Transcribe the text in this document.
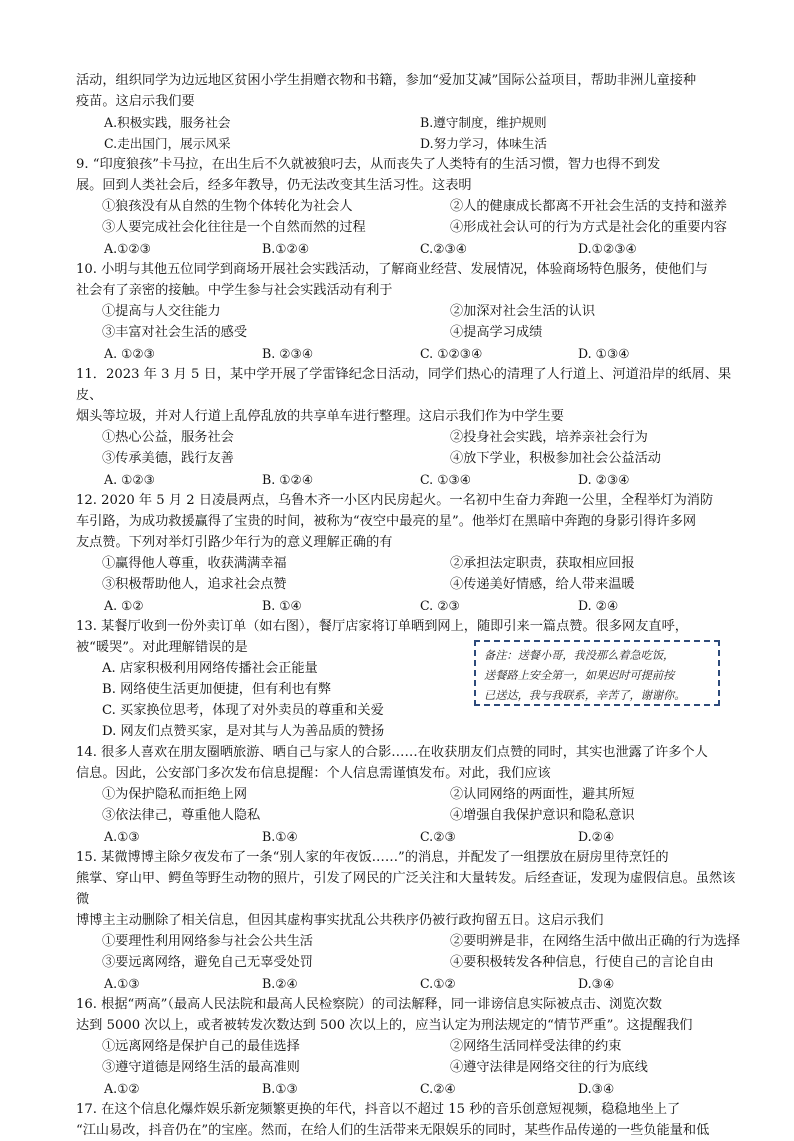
活动，组织同学为边远地区贫困小学生捐赠衣物和书籍，参加“爱加艾减”国际公益项目，帮助非洲儿童接种

疫苗。这启示我们要

A.积极实践，服务社会	B.遵守制度，维护规则
C.走出国门，展示风采	D.努力学习，体味生活

9. “印度狼孩”卡马拉，在出生后不久就被狼叼去，从而丧失了人类特有的生活习惯，智力也得不到发

展。回到人类社会后，经多年教导，仍无法改变其生活习性。这表明

①狼孩没有从自然的生物个体转化为社会人	②人的健康成长都离不开社会生活的支持和滋养
③人要完成社会化往往是一个自然而然的过程	④形成社会认可的行为方式是社会化的重要内容
A.①②③	B.①②④	C.②③④	D.①②③④

10. 小明与其他五位同学到商场开展社会实践活动，了解商业经营、发展情况，体验商场特色服务，使他们与

社会有了亲密的接触。中学生参与社会实践活动有利于

①提高与人交往能力	②加深对社会生活的认识
③丰富对社会生活的感受	④提高学习成绩
A. ①②③	B. ②③④	C. ①②③④	D. ①③④

11．2023 年 3 月 5 日，某中学开展了学雷锋纪念日活动，同学们热心的清理了人行道上、河道沿岸的纸屑、果皮、

烟头等垃圾，并对人行道上乱停乱放的共享单车进行整理。这启示我们作为中学生要

①热心公益，服务社会	②投身社会实践，培养亲社会行为
③传承美德，践行友善	④放下学业，积极参加社会公益活动
A. ①②③	B. ①②④	C. ①③④	D. ②③④

12. 2020 年 5 月 2 日凌晨两点，乌鲁木齐一小区内民房起火。一名初中生奋力奔跑一公里，全程举灯为消防

车引路，为成功救援赢得了宝贵的时间，被称为“夜空中最亮的星”。他举灯在黑暗中奔跑的身影引得许多网

友点赞。下列对举灯引路少年行为的意义理解正确的有

①赢得他人尊重，收获满满幸福	②承担法定职责，获取相应回报
③积极帮助他人，追求社会点赞	④传递美好情感，给人带来温暖
A. ①②	B. ①④	C. ②③	D. ②④

13. 某餐厅收到一份外卖订单（如右图），餐厅店家将订单晒到网上，随即引来一篇点赞。很多网友直呼，

被“暖哭”。对此理解错误的是

A. 店家积极利用网络传播社会正能量

B. 网络使生活更加便捷，但有利也有弊

C. 买家换位思考，体现了对外卖员的尊重和关爱

D. 网友们点赞买家，是对其与人为善品质的赞扬

备注：送餐小哥，我没那么着急吃饭，
送餐路上安全第一，如果迟时可提前按
已送达，我与我联系，辛苦了，谢谢你。

14. 很多人喜欢在朋友圈晒旅游、晒自己与家人的合影……在收获朋友们点赞的同时，其实也泄露了许多个人

信息。因此，公安部门多次发布信息提醒：个人信息需谨慎发布。对此，我们应该

①为保护隐私而拒绝上网	②认同网络的两面性，避其所短
③依法律己，尊重他人隐私	④增强自我保护意识和隐私意识
A.①③	B.①④	C.②③	D.②④

15. 某微博博主除夕夜发布了一条“别人家的年夜饭……”的消息，并配发了一组摆放在厨房里待烹饪的

熊掌、穿山甲、鳄鱼等野生动物的照片，引发了网民的广泛关注和大量转发。后经查证，发现为虚假信息。虽然该微

博博主主动删除了相关信息，但因其虚构事实扰乱公共秩序仍被行政拘留五日。这启示我们

①要理性利用网络参与社会公共生活	②要明辨是非，在网络生活中做出正确的行为选择
③要远离网络，避免自己无辜受处罚	④要积极转发各种信息，行使自己的言论自由
A.①③	B.②④	C.①②	D.③④

16. 根据“两高”（最高人民法院和最高人民检察院）的司法解释，同一诽谤信息实际被点击、浏览次数

达到 5000 次以上，或者被转发次数达到 500 次以上的，应当认定为刑法规定的“情节严重”。这提醒我们

①远离网络是保护自己的最佳选择	②网络生活同样受法律的约束
③遵守道德是网络生活的最高准则	④遵守法律是网络交往的行为底线
A.①②	B.①③	C.②④	D.③④

17. 在这个信息化爆炸娱乐新宠频繁更换的年代，抖音以不超过 15 秒的音乐创意短视频，稳稳地坐上了

“江山易改，抖音仍在”的宝座。然而，在给人们的生活带来无限娱乐的同时，某些作品传递的一些负能量和低
